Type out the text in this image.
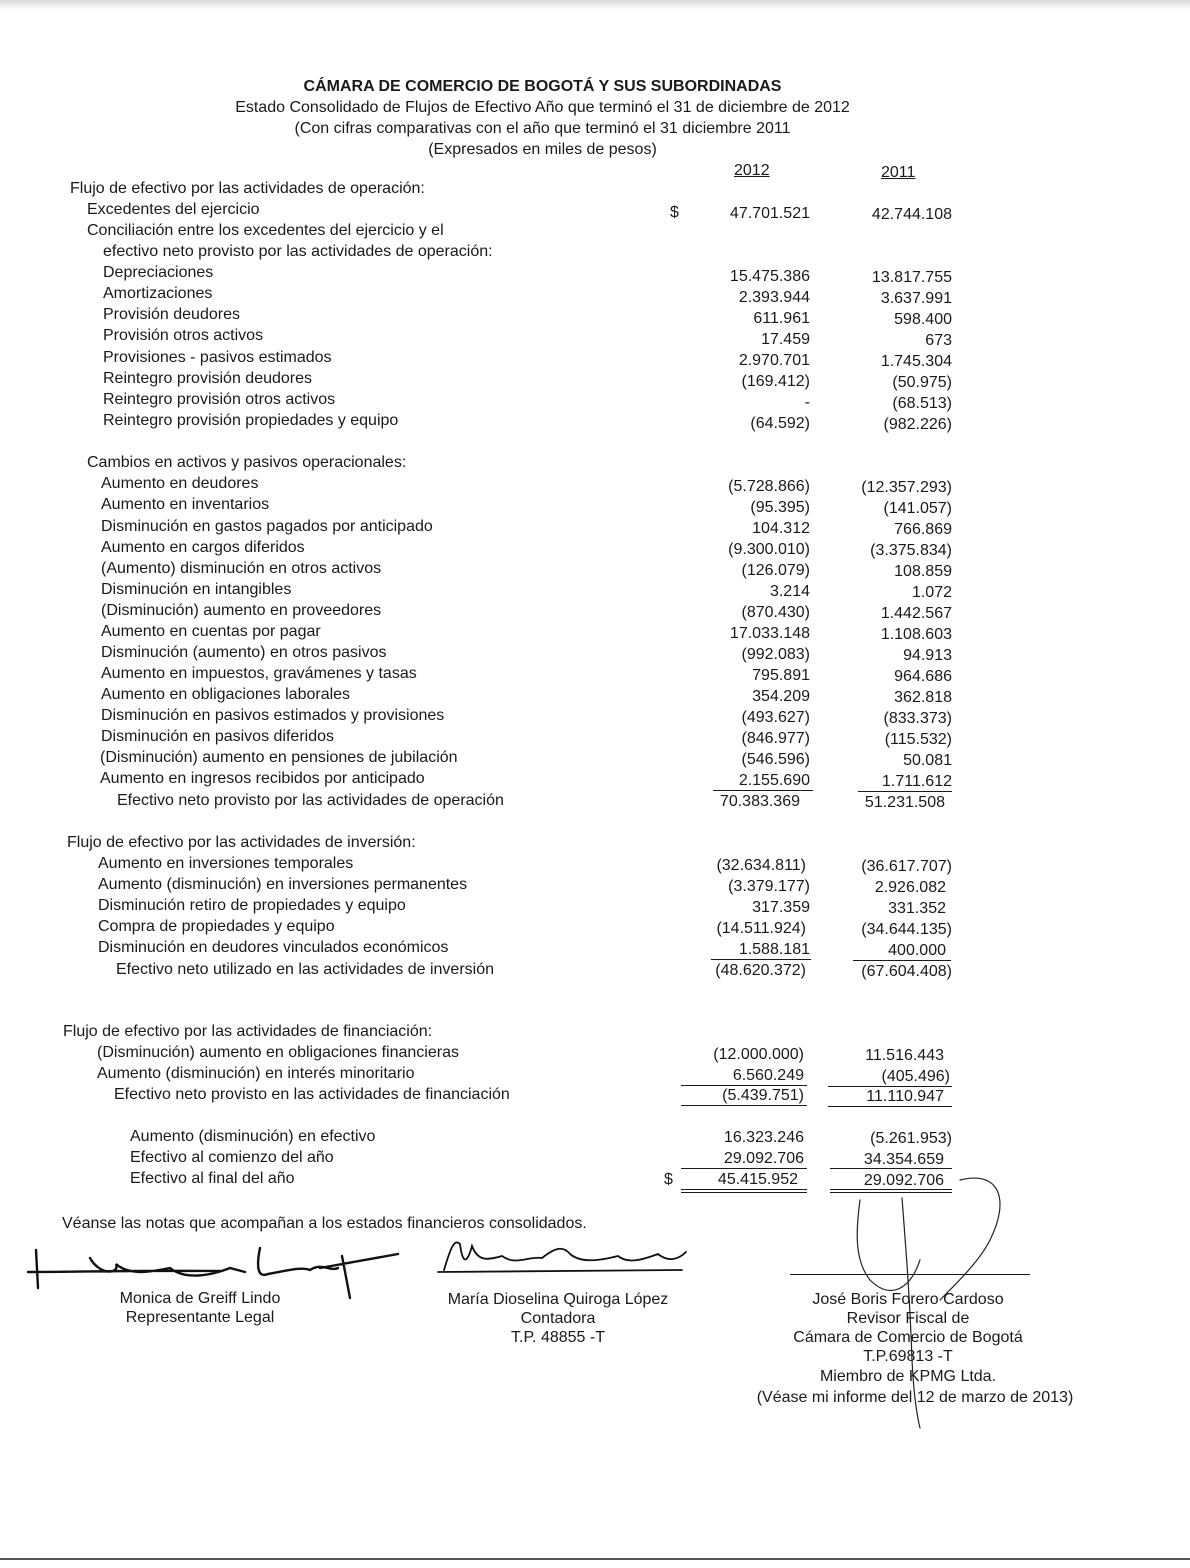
CÁMARA DE COMERCIO DE BOGOTÁ Y SUS SUBORDINADAS
Estado Consolidado de Flujos de Efectivo Año que terminó el 31 de diciembre de 2012
(Con cifras comparativas con el año que terminó el 31 diciembre 2011
(Expresados en miles de pesos)
2012	2011
Flujo de efectivo por las actividades de operación:
Excedentes del ejercicio	$	47.701.521	42.744.108
Conciliación entre los excedentes del ejercicio y el
efectivo neto provisto por las actividades de operación:
Depreciaciones	15.475.386	13.817.755
Amortizaciones	2.393.944	3.637.991
Provisión deudores	611.961	598.400
Provisión otros activos	17.459	673
Provisiones - pasivos estimados	2.970.701	1.745.304
Reintegro provisión deudores	(169.412)	(50.975)
Reintegro provisión otros activos	-	(68.513)
Reintegro provisión propiedades y equipo	(64.592)	(982.226)
Cambios en activos y pasivos operacionales:
Aumento en deudores	(5.728.866)	(12.357.293)
Aumento en inventarios	(95.395)	(141.057)
Disminución en gastos pagados por anticipado	104.312	766.869
Aumento en cargos diferidos	(9.300.010)	(3.375.834)
(Aumento) disminución en otros activos	(126.079)	108.859
Disminución en intangibles	3.214	1.072
(Disminución) aumento en proveedores	(870.430)	1.442.567
Aumento en cuentas por pagar	17.033.148	1.108.603
Disminución (aumento) en otros pasivos	(992.083)	94.913
Aumento en impuestos, gravámenes y tasas	795.891	964.686
Aumento en obligaciones laborales	354.209	362.818
Disminución en pasivos estimados y provisiones	(493.627)	(833.373)
Disminución en pasivos diferidos	(846.977)	(115.532)
(Disminución) aumento en pensiones de jubilación	(546.596)	50.081
Aumento en ingresos recibidos por anticipado	2.155.690	1.711.612
Efectivo neto provisto por las actividades de operación	70.383.369	51.231.508
Flujo de efectivo por las actividades de inversión:
Aumento en inversiones temporales	(32.634.811)	(36.617.707)
Aumento (disminución) en inversiones permanentes	(3.379.177)	2.926.082
Disminución retiro de propiedades y equipo	317.359	331.352
Compra de propiedades y equipo	(14.511.924)	(34.644.135)
Disminución en deudores vinculados económicos	1.588.181	400.000
Efectivo neto utilizado en las actividades de inversión	(48.620.372)	(67.604.408)
Flujo de efectivo por las actividades de financiación:
(Disminución) aumento en obligaciones financieras	(12.000.000)	11.516.443
Aumento (disminución) en interés minoritario	6.560.249	(405.496)
Efectivo neto provisto en las actividades de financiación	(5.439.751)	11.110.947
Aumento (disminución) en efectivo	16.323.246	(5.261.953)
Efectivo al comienzo del año	29.092.706	34.354.659
Efectivo al final del año	$	45.415.952	29.092.706
Véanse las notas que acompañan a los estados financieros consolidados.
Monica de Greiff Lindo
Representante Legal
María Dioselina Quiroga López
Contadora
T.P. 48855 -T
José Boris Forero Cardoso
Revisor Fiscal de
Cámara de Comercio de Bogotá
T.P.69813 -T
Miembro de KPMG Ltda.
(Véase mi informe del 12 de marzo de 2013)
